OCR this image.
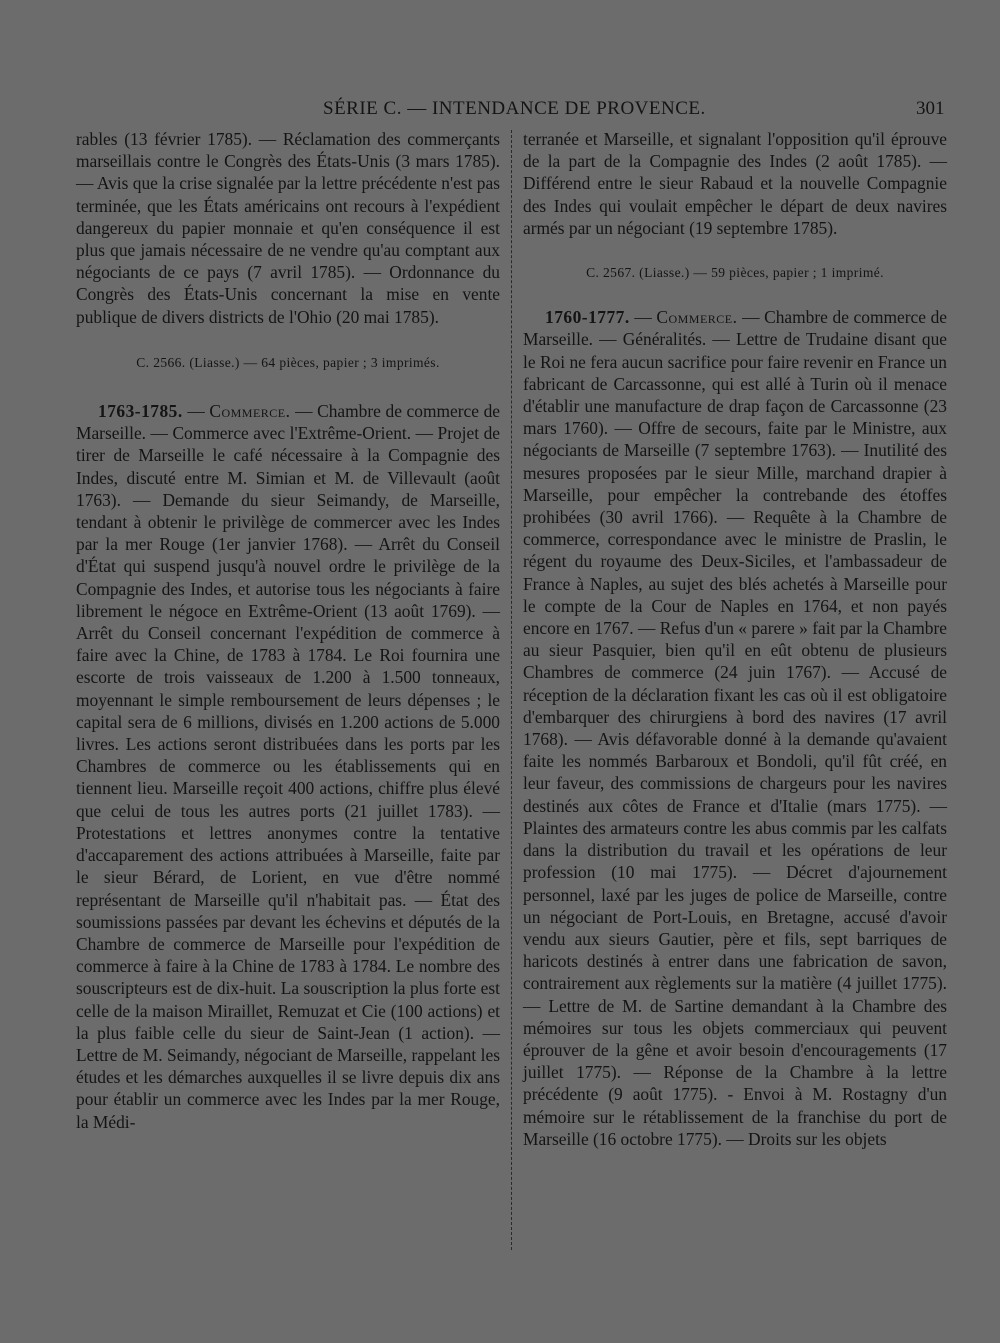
SÉRIE C. — INTENDANCE DE PROVENCE.	301

rables (13 février 1785). — Réclamation des commerçants marseillais contre le Congrès des États-Unis (3 mars 1785). — Avis que la crise signalée par la lettre précédente n'est pas terminée, que les États américains ont recours à l'expédient dangereux du papier monnaie et qu'en conséquence il est plus que jamais nécessaire de ne vendre qu'au comptant aux négociants de ce pays (7 avril 1785). — Ordonnance du Congrès des États-Unis concernant la mise en vente publique de divers districts de l'Ohio (20 mai 1785).

C. 2566. (Liasse.) — 64 pièces, papier ; 3 imprimés.

1763-1785. — Commerce. — Chambre de commerce de Marseille. — Commerce avec l'Extrême-Orient. — Projet de tirer de Marseille le café nécessaire à la Compagnie des Indes, discuté entre M. Simian et M. de Villevault (août 1763). — Demande du sieur Seimandy, de Marseille, tendant à obtenir le privilège de commercer avec les Indes par la mer Rouge (1er janvier 1768). — Arrêt du Conseil d'État qui suspend jusqu'à nouvel ordre le privilège de la Compagnie des Indes, et autorise tous les négociants à faire librement le négoce en Extrême-Orient (13 août 1769). — Arrêt du Conseil concernant l'expédition de commerce à faire avec la Chine, de 1783 à 1784. Le Roi fournira une escorte de trois vaisseaux de 1.200 à 1.500 tonneaux, moyennant le simple remboursement de leurs dépenses ; le capital sera de 6 millions, divisés en 1.200 actions de 5.000 livres. Les actions seront distribuées dans les ports par les Chambres de commerce ou les établissements qui en tiennent lieu. Marseille reçoit 400 actions, chiffre plus élevé que celui de tous les autres ports (21 juillet 1783). — Protestations et lettres anonymes contre la tentative d'accaparement des actions attribuées à Marseille, faite par le sieur Bérard, de Lorient, en vue d'être nommé représentant de Marseille qu'il n'habitait pas. — État des soumissions passées par devant les échevins et députés de la Chambre de commerce de Marseille pour l'expédition de commerce à faire à la Chine de 1783 à 1784. Le nombre des souscripteurs est de dix-huit. La souscription la plus forte est celle de la maison Miraillet, Remuzat et Cie (100 actions) et la plus faible celle du sieur de Saint-Jean (1 action). — Lettre de M. Seimandy, négociant de Marseille, rappelant les études et les démarches auxquelles il se livre depuis dix ans pour établir un commerce avec les Indes par la mer Rouge, la Médi-

terranée et Marseille, et signalant l'opposition qu'il éprouve de la part de la Compagnie des Indes (2 août 1785). — Différend entre le sieur Rabaud et la nouvelle Compagnie des Indes qui voulait empêcher le départ de deux navires armés par un négociant (19 septembre 1785).

C. 2567. (Liasse.) — 59 pièces, papier ; 1 imprimé.

1760-1777. — Commerce. — Chambre de commerce de Marseille. — Généralités. — Lettre de Trudaine disant que le Roi ne fera aucun sacrifice pour faire revenir en France un fabricant de Carcassonne, qui est allé à Turin où il menace d'établir une manufacture de drap façon de Carcassonne (23 mars 1760). — Offre de secours, faite par le Ministre, aux négociants de Marseille (7 septembre 1763). — Inutilité des mesures proposées par le sieur Mille, marchand drapier à Marseille, pour empêcher la contrebande des étoffes prohibées (30 avril 1766). — Requête à la Chambre de commerce, correspondance avec le ministre de Praslin, le régent du royaume des Deux-Siciles, et l'ambassadeur de France à Naples, au sujet des blés achetés à Marseille pour le compte de la Cour de Naples en 1764, et non payés encore en 1767. — Refus d'un « parere » fait par la Chambre au sieur Pasquier, bien qu'il en eût obtenu de plusieurs Chambres de commerce (24 juin 1767). — Accusé de réception de la déclaration fixant les cas où il est obligatoire d'embarquer des chirurgiens à bord des navires (17 avril 1768). — Avis défavorable donné à la demande qu'avaient faite les nommés Barbaroux et Bondoli, qu'il fût créé, en leur faveur, des commissions de chargeurs pour les navires destinés aux côtes de France et d'Italie (mars 1775). — Plaintes des armateurs contre les abus commis par les calfats dans la distribution du travail et les opérations de leur profession (10 mai 1775). — Décret d'ajournement personnel, laxé par les juges de police de Marseille, contre un négociant de Port-Louis, en Bretagne, accusé d'avoir vendu aux sieurs Gautier, père et fils, sept barriques de haricots destinés à entrer dans une fabrication de savon, contrairement aux règlements sur la matière (4 juillet 1775). — Lettre de M. de Sartine demandant à la Chambre des mémoires sur tous les objets commerciaux qui peuvent éprouver de la gêne et avoir besoin d'encouragements (17 juillet 1775). — Réponse de la Chambre à la lettre précédente (9 août 1775). - Envoi à M. Rostagny d'un mémoire sur le rétablissement de la franchise du port de Marseille (16 octobre 1775). — Droits sur les objets
